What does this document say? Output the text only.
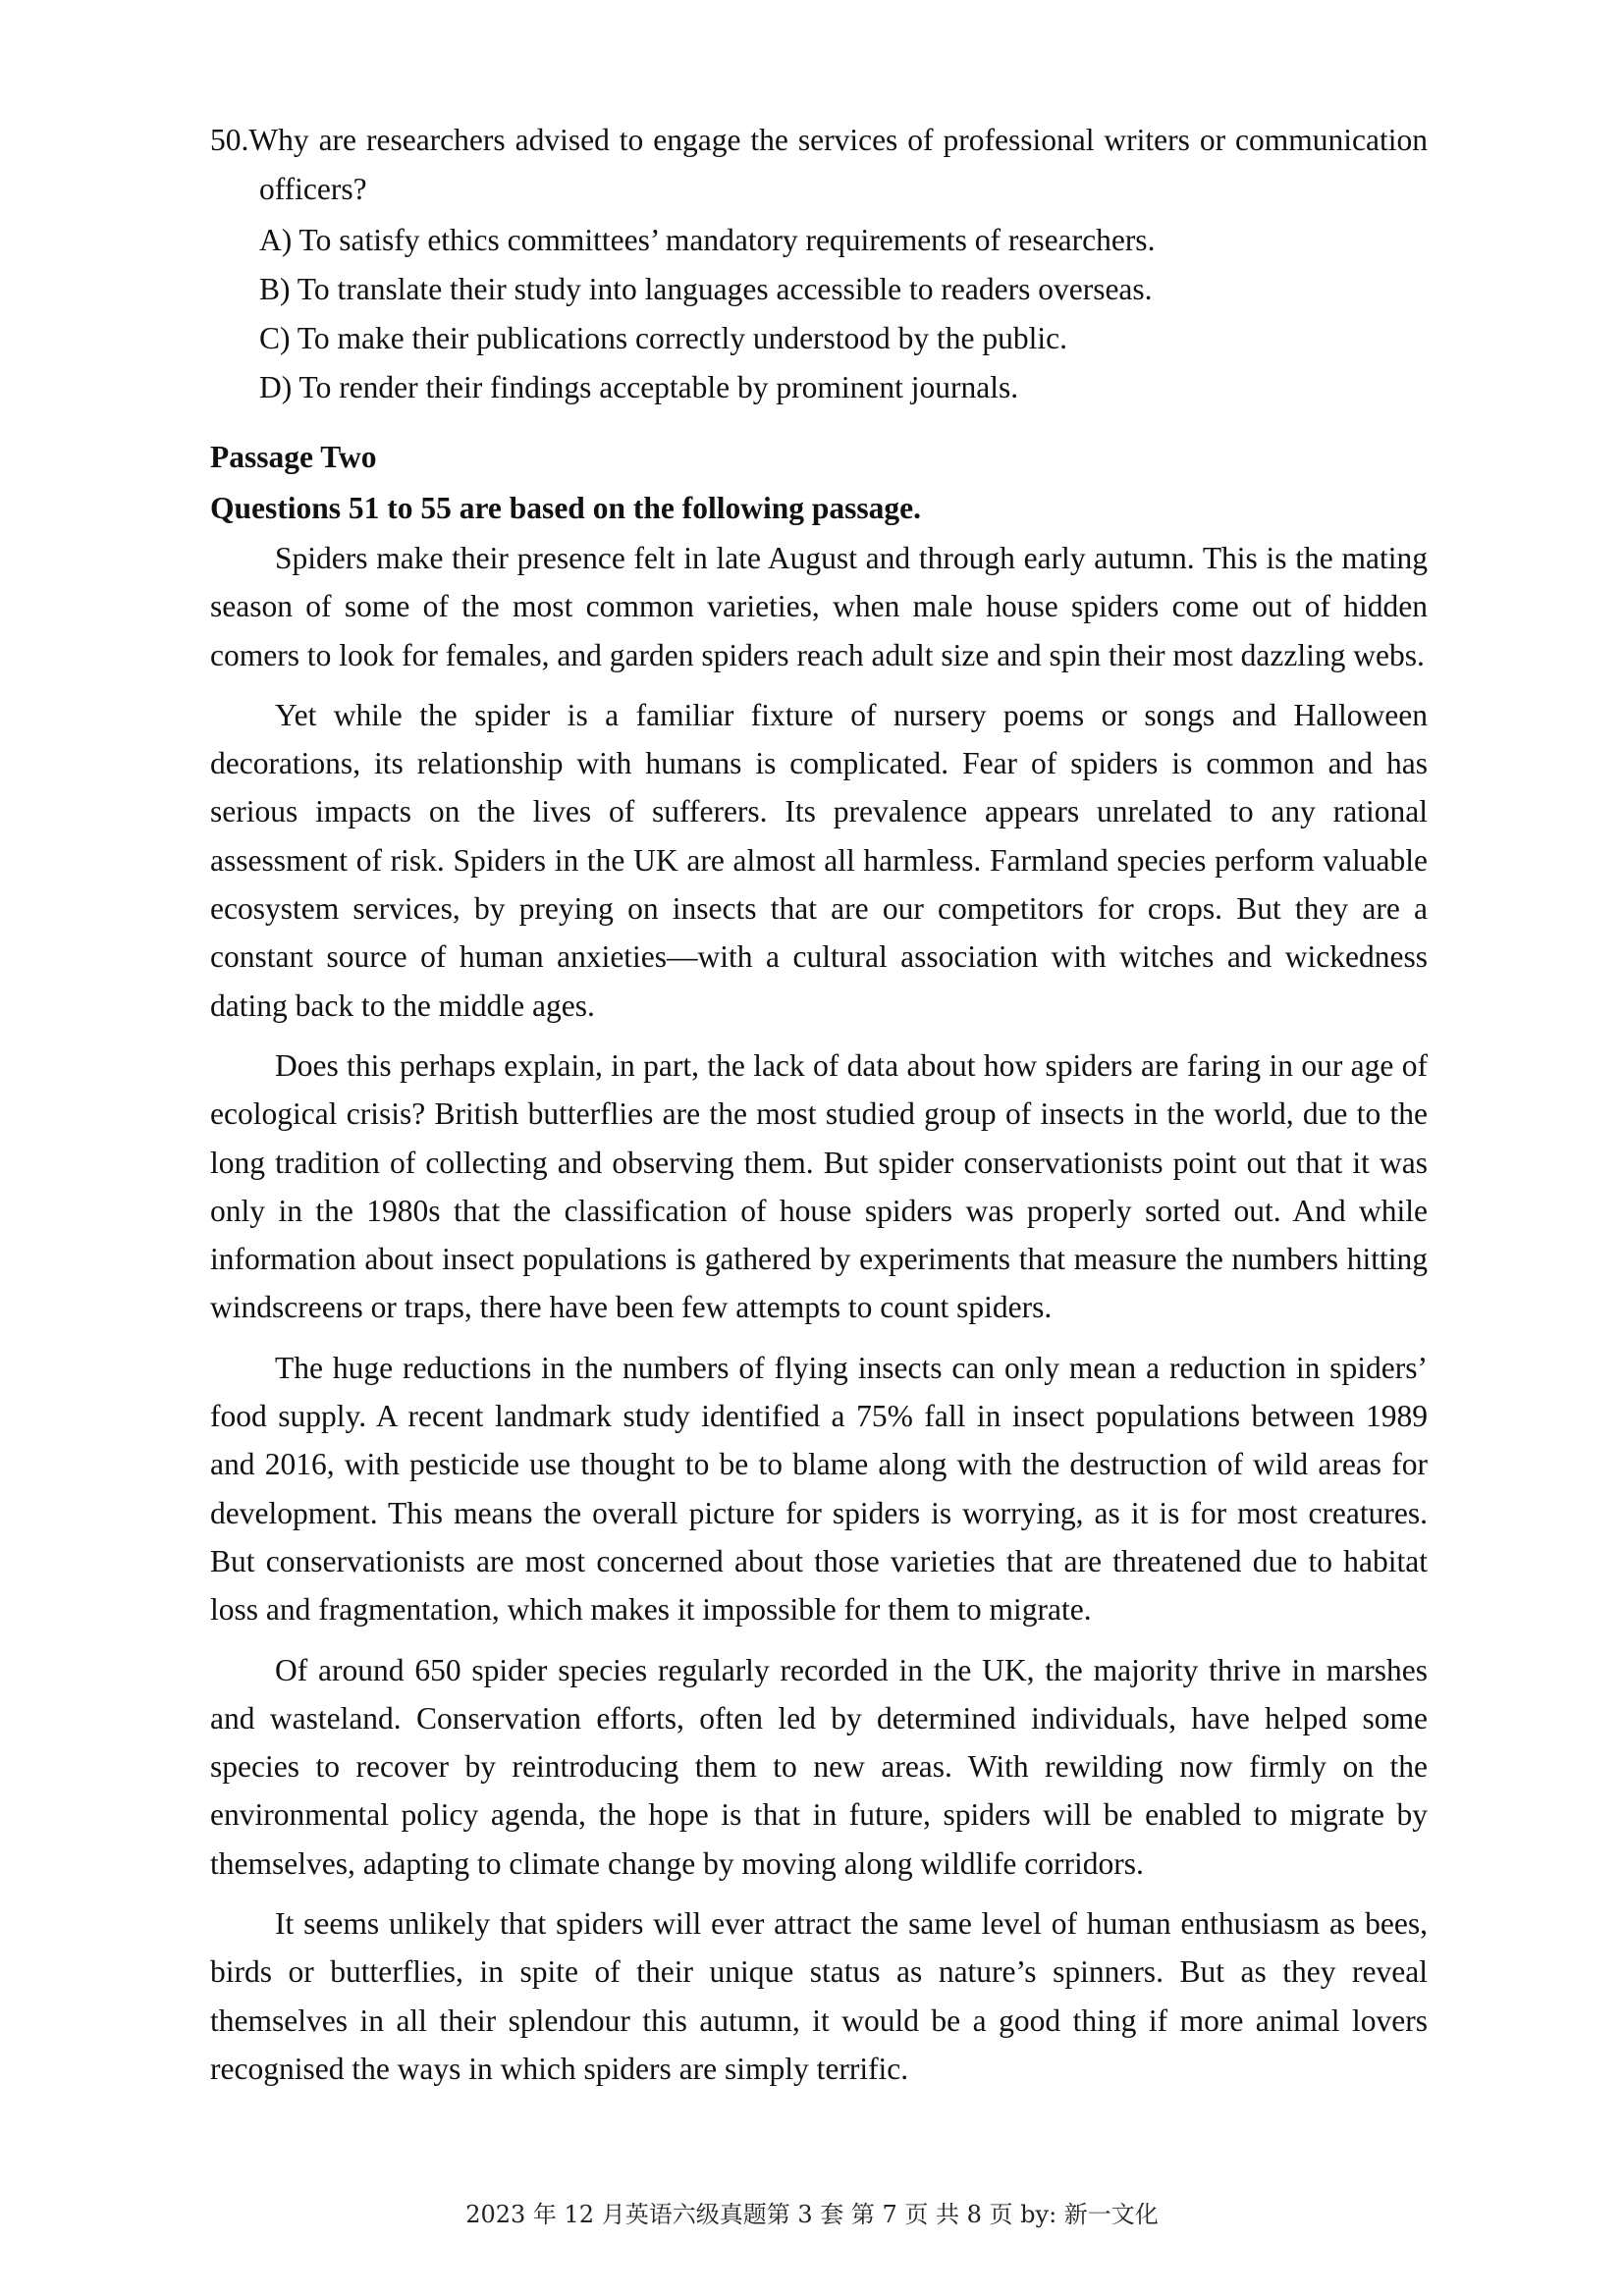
50.Why are researchers advised to engage the services of professional writers or communication officers?
A) To satisfy ethics committees’ mandatory requirements of researchers.
B) To translate their study into languages accessible to readers overseas.
C) To make their publications correctly understood by the public.
D) To render their findings acceptable by prominent journals.
Passage Two
Questions 51 to 55 are based on the following passage.

Spiders make their presence felt in late August and through early autumn. This is the mating season of some of the most common varieties, when male house spiders come out of hidden comers to look for females, and garden spiders reach adult size and spin their most dazzling webs.

Yet while the spider is a familiar fixture of nursery poems or songs and Halloween decorations, its relationship with humans is complicated. Fear of spiders is common and has serious impacts on the lives of sufferers. Its prevalence appears unrelated to any rational assessment of risk. Spiders in the UK are almost all harmless. Farmland species perform valuable ecosystem services, by preying on insects that are our competitors for crops. But they are a constant source of human anxieties—with a cultural association with witches and wickedness dating back to the middle ages.

Does this perhaps explain, in part, the lack of data about how spiders are faring in our age of ecological crisis? British butterflies are the most studied group of insects in the world, due to the long tradition of collecting and observing them. But spider conservationists point out that it was only in the 1980s that the classification of house spiders was properly sorted out. And while information about insect populations is gathered by experiments that measure the numbers hitting windscreens or traps, there have been few attempts to count spiders.

The huge reductions in the numbers of flying insects can only mean a reduction in spiders’ food supply. A recent landmark study identified a 75% fall in insect populations between 1989 and 2016, with pesticide use thought to be to blame along with the destruction of wild areas for development. This means the overall picture for spiders is worrying, as it is for most creatures. But conservationists are most concerned about those varieties that are threatened due to habitat loss and fragmentation, which makes it impossible for them to migrate.

Of around 650 spider species regularly recorded in the UK, the majority thrive in marshes and wasteland. Conservation efforts, often led by determined individuals, have helped some species to recover by reintroducing them to new areas. With rewilding now firmly on the environmental policy agenda, the hope is that in future, spiders will be enabled to migrate by themselves, adapting to climate change by moving along wildlife corridors.

It seems unlikely that spiders will ever attract the same level of human enthusiasm as bees, birds or butterflies, in spite of their unique status as nature’s spinners. But as they reveal themselves in all their splendour this autumn, it would be a good thing if more animal lovers recognised the ways in which spiders are simply terrific.

2023 年 12 月英语六级真题第 3 套 第 7 页 共 8 页 by: 新一文化
